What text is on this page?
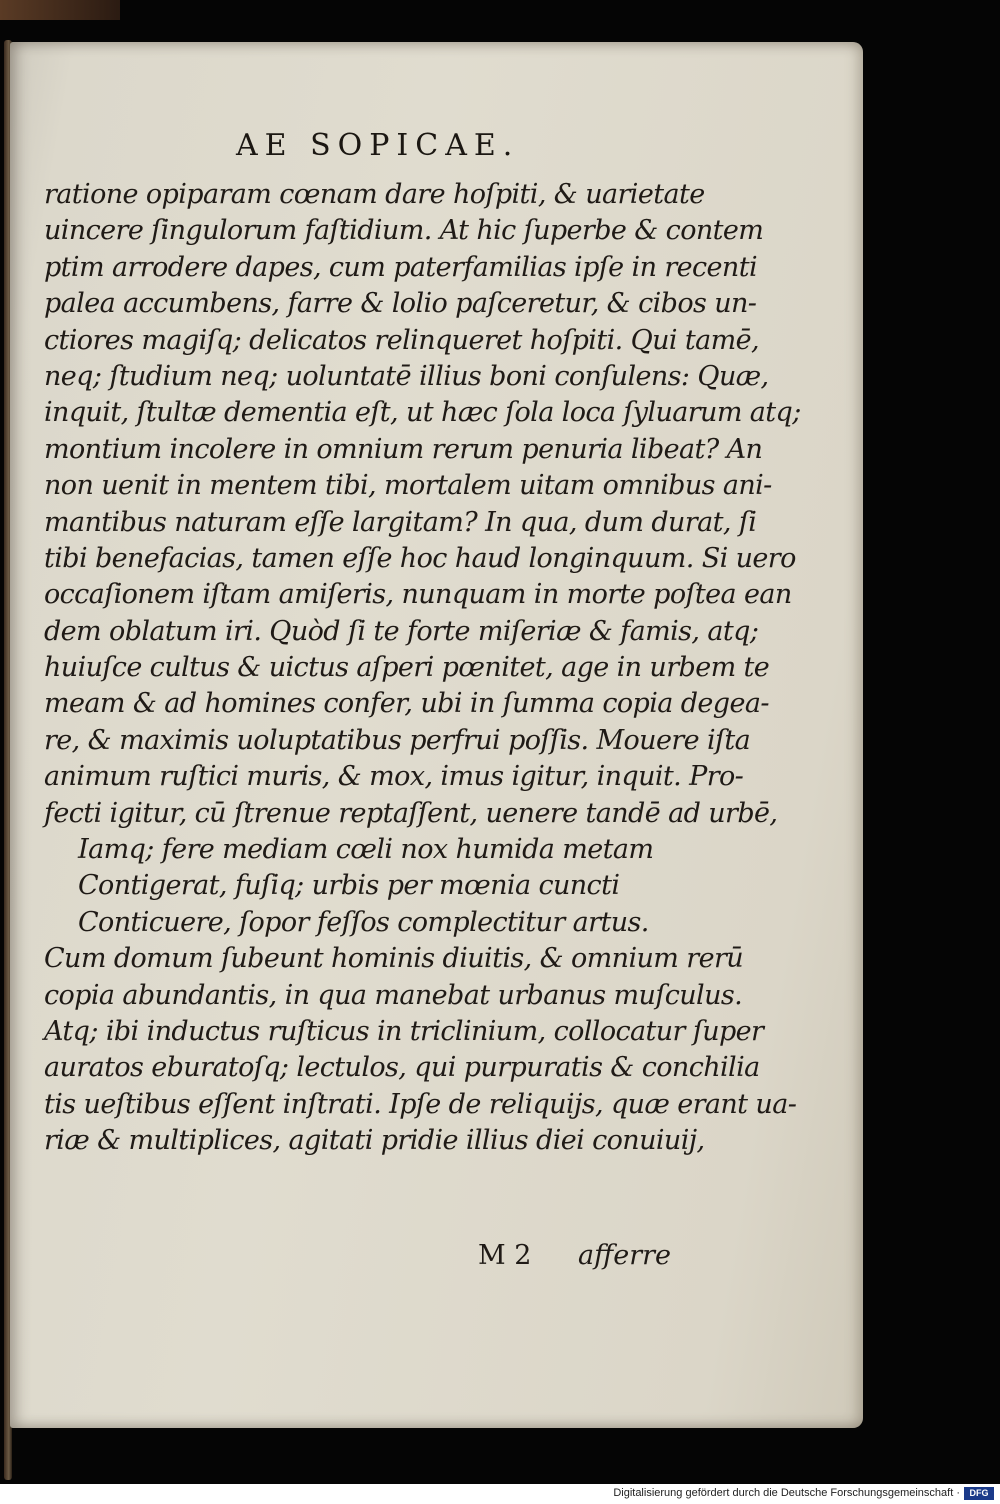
AE SOPICAE.
ratione opiparam cœnam dare hoſpiti, & uarietate
uincere ſingulorum faſtidium. At hic ſuperbe & contem
ptim arrodere dapes, cum paterfamilias ipſe in recenti
palea accumbens, farre & lolio paſceretur, & cibos un-
ctiores magiſq; delicatos relinqueret hoſpiti. Qui tamē,
neq; ſtudium neq; uoluntatē illius boni conſulens: Quæ,
inquit, ſtultæ dementia eſt, ut hæc ſola loca ſyluarum atq;
montium incolere in omnium rerum penuria libeat? An
non uenit in mentem tibi, mortalem uitam omnibus ani-
mantibus naturam eſſe largitam? In qua, dum durat, ſi
tibi benefacias, tamen eſſe hoc haud longinquum. Si uero
occaſionem iſtam amiſeris, nunquam in morte poſtea ean
dem oblatum iri. Quòd ſi te forte miſeriæ & famis, atq;
huiuſce cultus & uictus aſperi pœnitet, age in urbem te
meam & ad homines confer, ubi in ſumma copia degea-
re, & maximis uoluptatibus perfrui poſſis. Mouere iſta
animum ruſtici muris, & mox, imus igitur, inquit. Pro-
fecti igitur, cū ſtrenue reptaſſent, uenere tandē ad urbē,
Iamq; fere mediam cœli nox humida metam
Contigerat, fuſiq; urbis per mœnia cuncti
Conticuere, ſopor feſſos complectitur artus.
Cum domum ſubeunt hominis diuitis, & omnium rerū
copia abundantis, in qua manebat urbanus muſculus.
Atq; ibi inductus ruſticus in triclinium, collocatur ſuper
auratos eburatoſq; lectulos, qui purpuratis & conchilia
tis ueſtibus eſſent inſtrati. Ipſe de reliquijs, quæ erant ua-
riæ & multiplices, agitati pridie illius diei conuiuij,
M 2 afferre
Digitalisierung gefördert durch die Deutsche Forschungsgemeinschaft ·	DFG
